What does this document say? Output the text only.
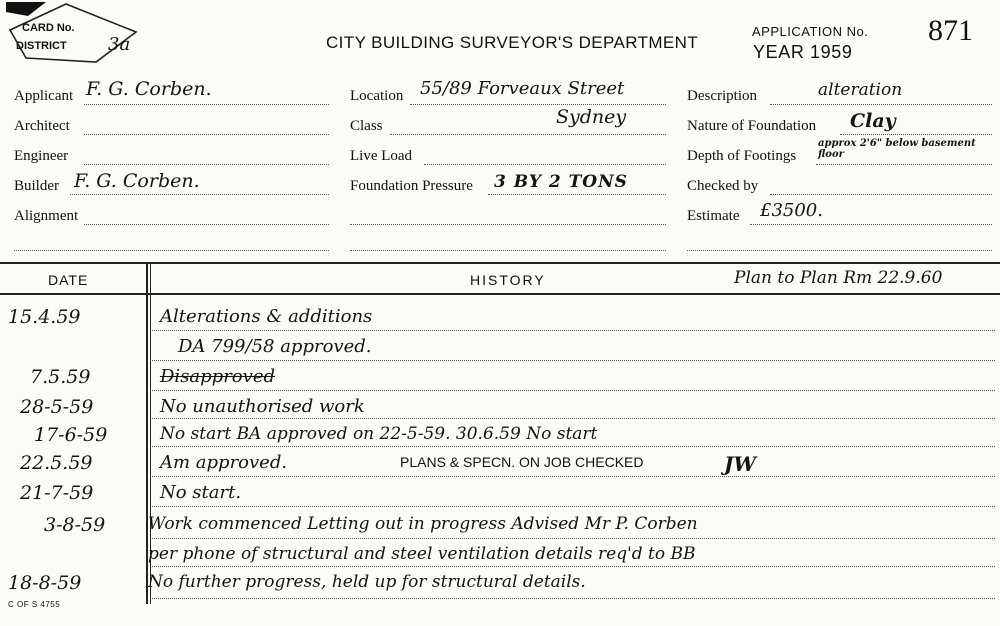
CARD No.
DISTRICT 3a	CITY BUILDING SURVEYOR'S DEPARTMENT
APPLICATION No.
YEAR 1959
871
Applicant F. G. Corben.
Architect
Engineer
Builder F. G. Corben.
Alignment
Location 55/89 Forveaux Street
Class	Sydney
Live Load
Foundation Pressure 3 BY 2 TONS
Description	alteration
Nature of Foundation Clay
Depth of Footings
approx 2'6" below basement floor
Checked by
Estimate £3500.
DATE	HISTORY	Plan to Plan Rm 22.9.60
15.4.59	Alterations & additions
DA 799/58 approved.
7.5.59	Disapproved
28-5-59	No unauthorised work
17-6-59	No start BA approved on 22-5-59. 30.6.59 No start
22.5.59	Am approved.	PLANS & SPECN. ON JOB CHECKED	JW
21-7-59	No start.
3-8-59	Work commenced Letting out in progress Advised Mr P. Corben
per phone of structural and steel ventilation details req'd to BB
18-8-59	No further progress, held up for structural details.
C OF S 4755
